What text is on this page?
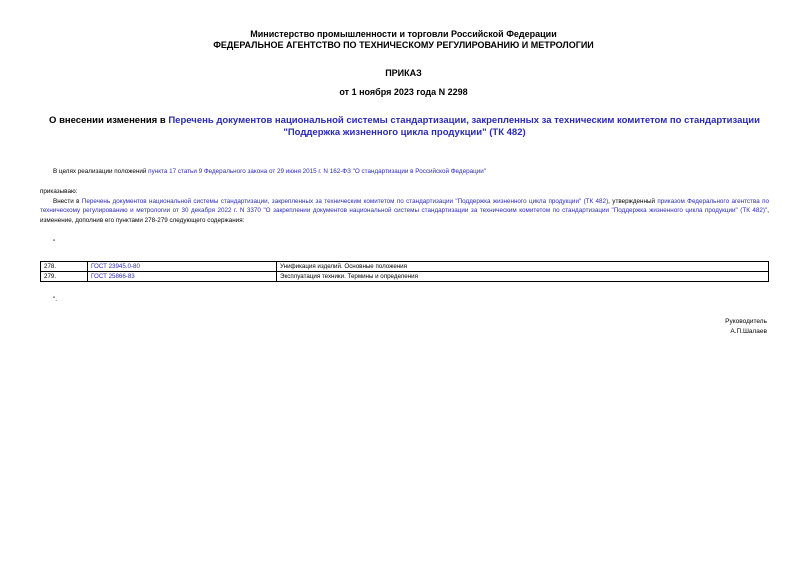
Министерство промышленности и торговли Российской Федерации
ФЕДЕРАЛЬНОЕ АГЕНТСТВО ПО ТЕХНИЧЕСКОМУ РЕГУЛИРОВАНИЮ И МЕТРОЛОГИИ
ПРИКАЗ
от 1 ноября 2023 года N 2298
О внесении изменения в Перечень документов национальной системы стандартизации, закрепленных за техническим комитетом по стандартизации "Поддержка жизненного цикла продукции" (ТК 482)
В целях реализации положений пункта 17 статьи 9 Федерального закона от 29 июня 2015 г. N 162-ФЗ "О стандартизации в Российской Федерации"
приказываю:
Внести в Перечень документов национальной системы стандартизации, закрепленных за техническим комитетом по стандартизации "Поддержка жизненного цикла продукции" (ТК 482), утвержденный приказом Федерального агентства по техническому регулированию и метрологии от 30 декабря 2022 г. N 3370 "О закреплении документов национальной системы стандартизации за техническим комитетом по стандартизации "Поддержка жизненного цикла продукции" (ТК 482)", изменение, дополнив его пунктами 278-279 следующего содержания:
"
278.	ГОСТ 23945.0-80	Унификация изделий. Основные положения
279.	ГОСТ 25866-83	Эксплуатация техники. Термины и определения
".
Руководитель
А.П.Шалаев
